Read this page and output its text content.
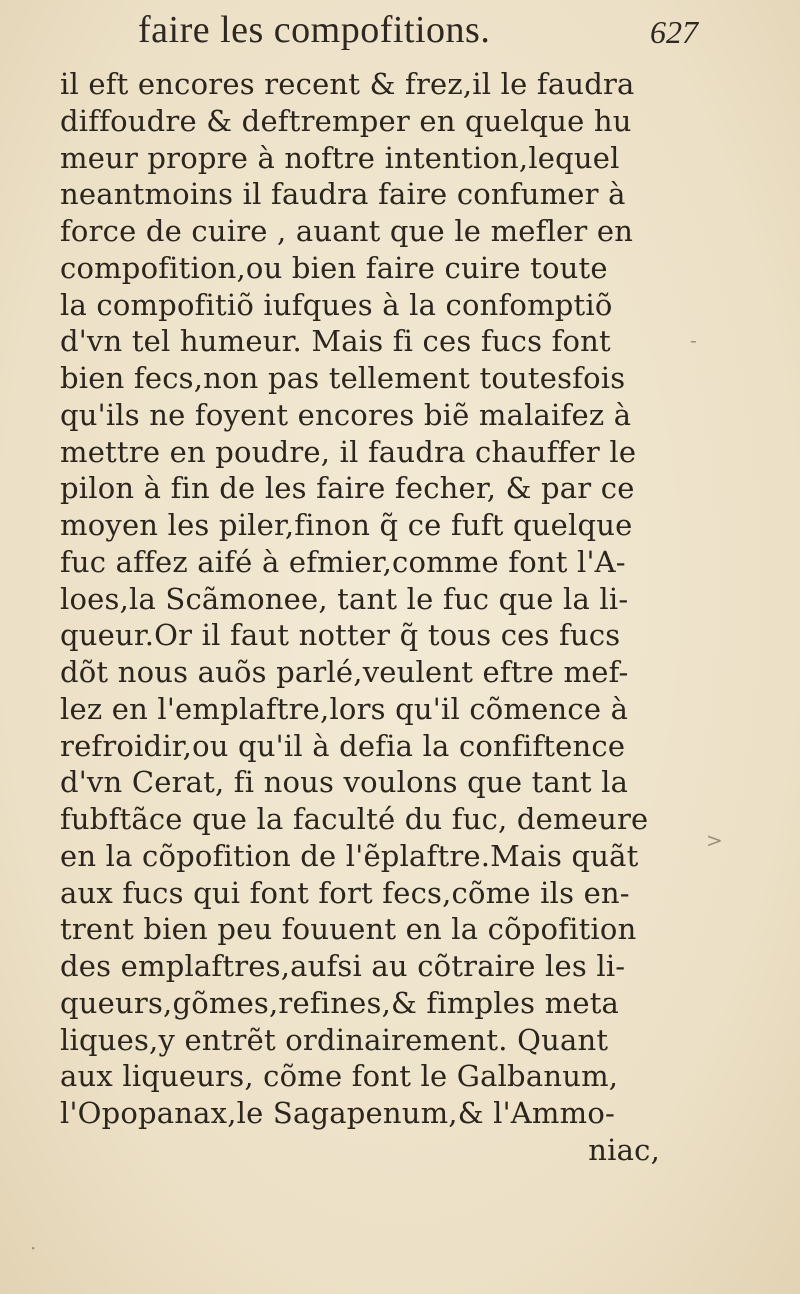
faire les compofitions.	627
il eft encores recent & frez,il le faudra
diffoudre & deftremper en quelque hu
meur propre à noftre intention,lequel
neantmoins il faudra faire confumer à
force de cuire , auant que le mefler en
compofition,ou bien faire cuire toute
la compofitiõ iufques à la confomptiõ
d'vn tel humeur. Mais fi ces fucs font
bien fecs,non pas tellement toutesfois
qu'ils ne foyent encores biẽ malaifez à
mettre en poudre, il faudra chauffer le
pilon à fin de les faire fecher, & par ce
moyen les piler,finon q̃ ce fuft quelque
fuc affez aifé à efmier,comme font l'A-
loes,la Scãmonee, tant le fuc que la li-
queur.Or il faut notter q̃ tous ces fucs
dõt nous auõs parlé,veulent eftre mef-
lez en l'emplaftre,lors qu'il cõmence à
refroidir,ou qu'il à defia la confiftence
d'vn Cerat, fi nous voulons que tant la
fubftãce que la faculté du fuc, demeure
en la cõpofition de l'ẽplaftre.Mais quãt
aux fucs qui font fort fecs,cõme ils en-
trent bien peu fouuent en la cõpofition
des emplaftres,aufsi au cõtraire les li-
queurs,gõmes,refines,& fimples meta
liques,y entrẽt ordinairement. Quant
aux liqueurs, cõme font le Galbanum,
l'Opopanax,le Sagapenum,& l'Ammo-
niac,
-
>
·
